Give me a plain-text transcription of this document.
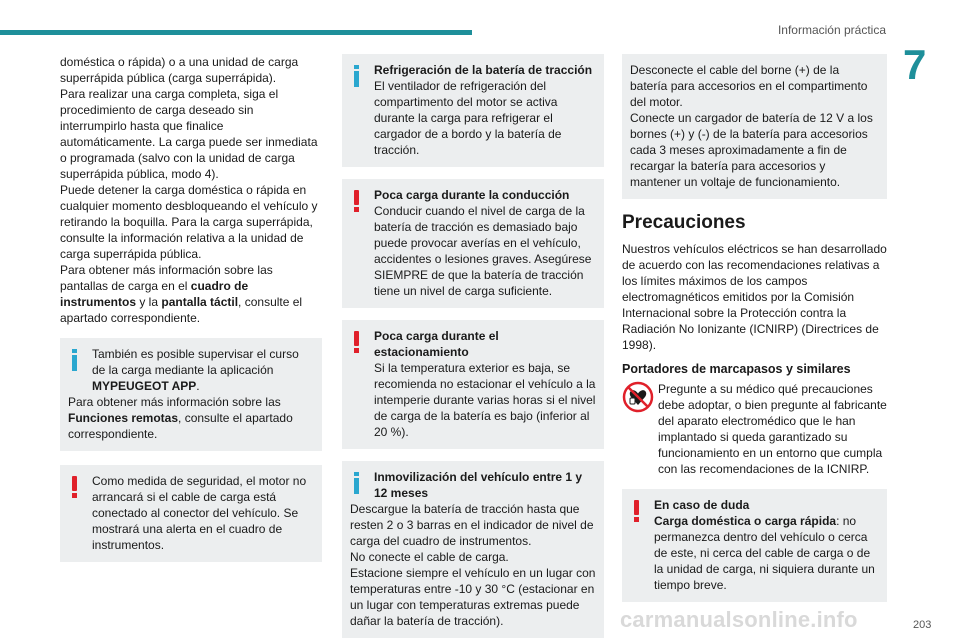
Información práctica
7

doméstica o rápida) o a una unidad de carga superrápida pública (carga superrápida).

Para realizar una carga completa, siga el procedimiento de carga deseado sin interrumpirlo hasta que finalice automáticamente. La carga puede ser inmediata o programada (salvo con la unidad de carga superrápida pública, modo 4).

Puede detener la carga doméstica o rápida en cualquier momento desbloqueando el vehículo y retirando la boquilla. Para la carga superrápida, consulte la información relativa a la unidad de carga superrápida pública.

Para obtener más información sobre las pantallas de carga en el cuadro de instrumentos y la pantalla táctil, consulte el apartado correspondiente.

También es posible supervisar el curso de la carga mediante la aplicación MYPEUGEOT APP.

Para obtener más información sobre las Funciones remotas, consulte el apartado correspondiente.

Como medida de seguridad, el motor no arrancará si el cable de carga está conectado al conector del vehículo. Se mostrará una alerta en el cuadro de instrumentos.

Refrigeración de la batería de tracción
El ventilador de refrigeración del compartimento del motor se activa durante la carga para refrigerar el cargador de a bordo y la batería de tracción.

Poca carga durante la conducción
Conducir cuando el nivel de carga de la batería de tracción es demasiado bajo puede provocar averías en el vehículo, accidentes o lesiones graves. Asegúrese SIEMPRE de que la batería de tracción tiene un nivel de carga suficiente.

Poca carga durante el estacionamiento
Si la temperatura exterior es baja, se recomienda no estacionar el vehículo a la intemperie durante varias horas si el nivel de carga de la batería es bajo (inferior al 20 %).

Inmovilización del vehículo entre 1 y 12 meses

Descargue la batería de tracción hasta que resten 2 o 3 barras en el indicador de nivel de carga del cuadro de instrumentos.

No conecte el cable de carga.

Estacione siempre el vehículo en un lugar con temperaturas entre -10 y 30 °C (estacionar en un lugar con temperaturas extremas puede dañar la batería de tracción).

Desconecte el cable del borne (+) de la batería para accesorios en el compartimento del motor.

Conecte un cargador de batería de 12 V a los bornes (+) y (-) de la batería para accesorios cada 3 meses aproximadamente a fin de recargar la batería para accesorios y mantener un voltaje de funcionamiento.

Precauciones

Nuestros vehículos eléctricos se han desarrollado de acuerdo con las recomendaciones relativas a los límites máximos de los campos electromagnéticos emitidos por la Comisión Internacional sobre la Protección contra la Radiación No Ionizante (ICNIRP) (Directrices de 1998).

Portadores de marcapasos y similares

Pregunte a su médico qué precauciones debe adoptar, o bien pregunte al fabricante del aparato electromédico que le han implantado si queda garantizado su funcionamiento en un entorno que cumpla con las recomendaciones de la ICNIRP.

En caso de duda
Carga doméstica o carga rápida: no permanezca dentro del vehículo o cerca de este, ni cerca del cable de carga o de la unidad de carga, ni siquiera durante un tiempo breve.

carmanualsonline.info	203
